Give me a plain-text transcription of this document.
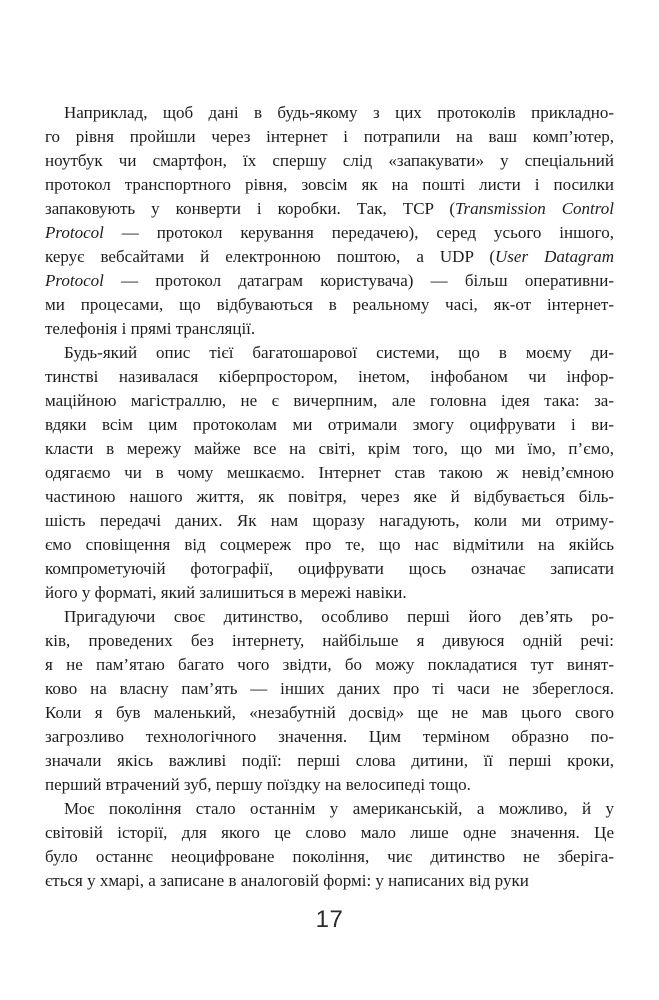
Наприклад, щоб дані в будь-якому з цих протоколів прикладно-
го рівня пройшли через інтернет і потрапили на ваш комп’ютер,
ноутбук чи смартфон, їх спершу слід «запакувати» у спеціальний
протокол транспортного рівня, зовсім як на пошті листи і посилки
запаковують у конверти і коробки. Так, TCP (Transmission Control
Protocol — протокол керування передачею), серед усього іншого,
керує вебсайтами й електронною поштою, а UDP (User Datagram
Protocol — протокол датаграм користувача) — більш оперативни-
ми процесами, що відбуваються в реальному часі, як-от інтернет-
телефонія і прямі трансляції.
Будь-який опис тієї багатошарової системи, що в моєму ди-
тинстві називалася кіберпростором, інетом, інфобаном чи інфор-
маційною магістраллю, не є вичерпним, але головна ідея така: за-
вдяки всім цим протоколам ми отримали змогу оцифрувати і ви-
класти в мережу майже все на світі, крім того, що ми їмо, п’ємо,
одягаємо чи в чому мешкаємо. Інтернет став такою ж невід’ємною
частиною нашого життя, як повітря, через яке й відбувається біль-
шість передачі даних. Як нам щоразу нагадують, коли ми отриму-
ємо сповіщення від соцмереж про те, що нас відмітили на якійсь
компрометуючій фотографії, оцифрувати щось означає записати
його у форматі, який залишиться в мережі навіки.
Пригадуючи своє дитинство, особливо перші його дев’ять ро-
ків, проведених без інтернету, найбільше я дивуюся одній речі:
я не пам’ятаю багато чого звідти, бо можу покладатися тут винят-
ково на власну пам’ять — інших даних про ті часи не збереглося.
Коли я був маленький, «незабутній досвід» ще не мав цього свого
загрозливо технологічного значення. Цим терміном образно по-
значали якісь важливі події: перші слова дитини, її перші кроки,
перший втрачений зуб, першу поїздку на велосипеді тощо.
Моє покоління стало останнім у американській, а можливо, й у
світовій історії, для якого це слово мало лише одне значення. Це
було останнє неоцифроване покоління, чиє дитинство не зберіга-
ється у хмарі, а записане в аналоговій формі: у написаних від руки
17
